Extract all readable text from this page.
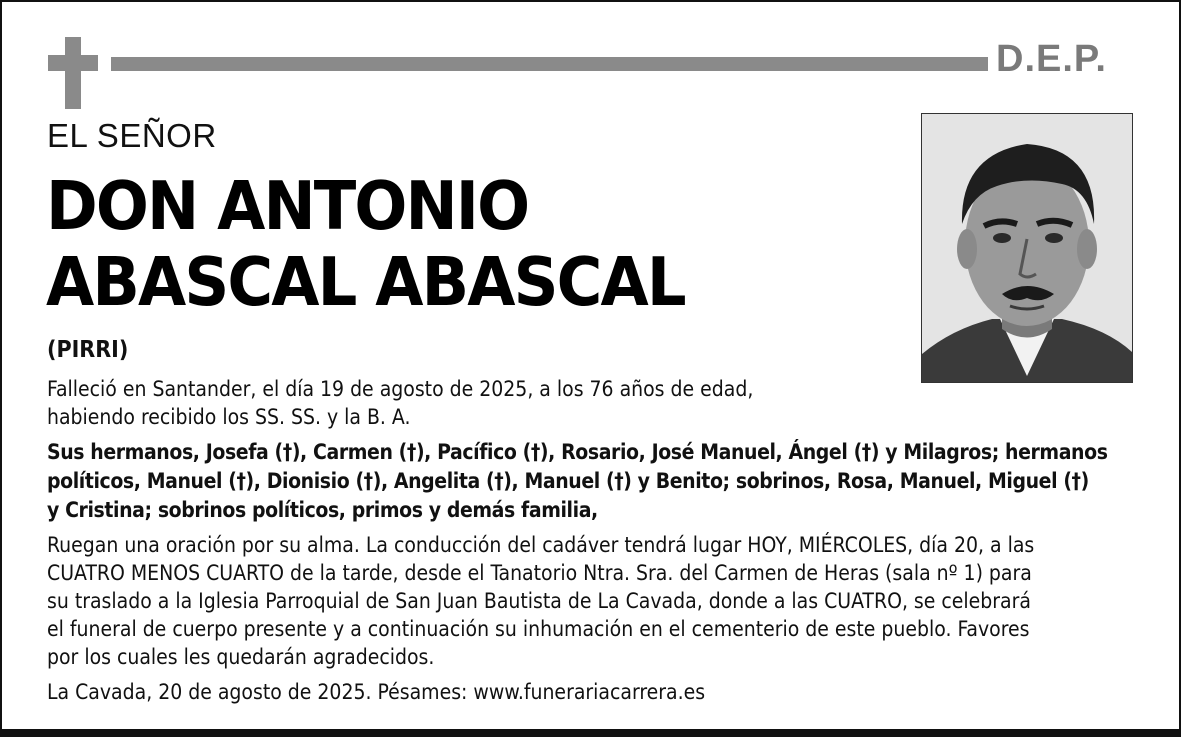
D.E.P.
EL SEÑOR
DON ANTONIO
ABASCAL ABASCAL
(PIRRI)
Falleció en Santander, el día 19 de agosto de 2025, a los 76 años de edad,
habiendo recibido los SS. SS. y la B. A.
Sus hermanos, Josefa (†), Carmen (†), Pacífico (†), Rosario, José Manuel, Ángel (†) y Milagros; hermanos
políticos, Manuel (†), Dionisio (†), Angelita (†), Manuel (†) y Benito; sobrinos, Rosa, Manuel, Miguel (†)
y Cristina; sobrinos políticos, primos y demás familia,
Ruegan una oración por su alma. La conducción del cadáver tendrá lugar HOY, MIÉRCOLES, día 20, a las
CUATRO MENOS CUARTO de la tarde, desde el Tanatorio Ntra. Sra. del Carmen de Heras (sala nº 1) para
su traslado a la Iglesia Parroquial de San Juan Bautista de La Cavada, donde a las CUATRO, se celebrará
el funeral de cuerpo presente y a continuación su inhumación en el cementerio de este pueblo. Favores
por los cuales les quedarán agradecidos.
La Cavada, 20 de agosto de 2025. Pésames: www.funerariacarrera.es
